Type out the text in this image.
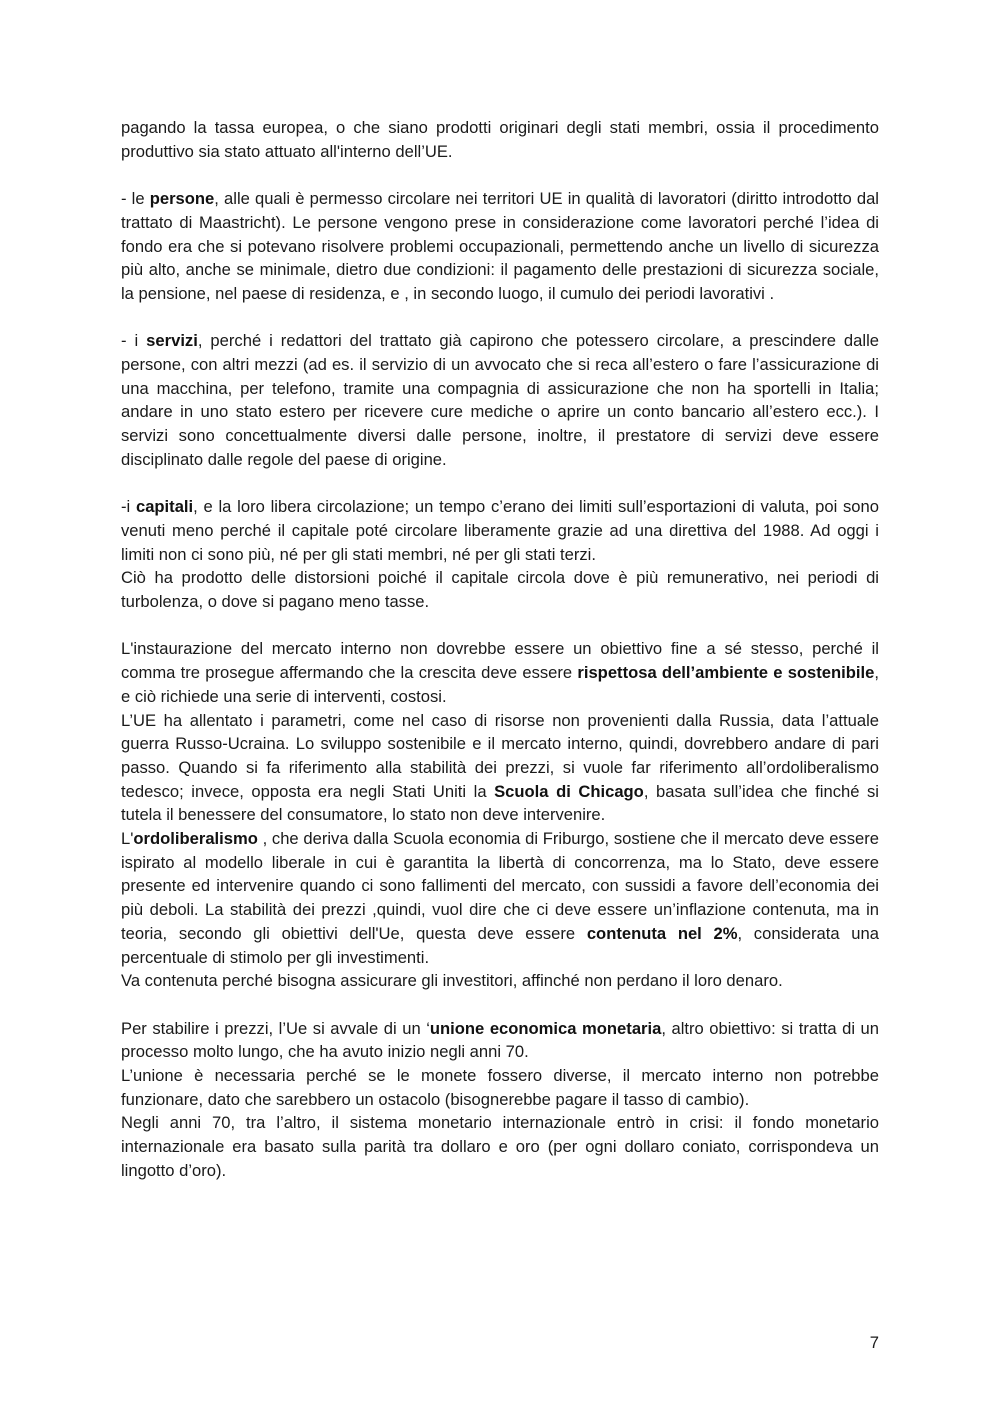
pagando la tassa europea, o che siano prodotti originari degli stati membri, ossia il procedimento produttivo sia stato attuato all'interno dell’UE.

- le persone, alle quali è permesso circolare nei territori UE in qualità di lavoratori (diritto introdotto dal trattato di Maastricht). Le persone vengono prese in considerazione come lavoratori perché l’idea di fondo era che si potevano risolvere problemi occupazionali, permettendo anche un livello di sicurezza più alto, anche se minimale, dietro due condizioni: il pagamento delle prestazioni di sicurezza sociale, la pensione, nel paese di residenza, e , in secondo luogo, il cumulo dei periodi lavorativi .

- i servizi, perché i redattori del trattato già capirono che potessero circolare, a prescindere dalle persone, con altri mezzi (ad es. il servizio di un avvocato che si reca all’estero o fare l’assicurazione di una macchina, per telefono, tramite una compagnia di assicurazione che non ha sportelli in Italia; andare in uno stato estero per ricevere cure mediche o aprire un conto bancario all’estero ecc.). I servizi sono concettualmente diversi dalle persone, inoltre, il prestatore di servizi deve essere disciplinato dalle regole del paese di origine.

-i capitali, e la loro libera circolazione; un tempo c’erano dei limiti sull’esportazioni di valuta, poi sono venuti meno perché il capitale poté circolare liberamente grazie ad una direttiva del 1988. Ad oggi i limiti non ci sono più, né per gli stati membri, né per gli stati terzi.

Ciò ha prodotto delle distorsioni poiché il capitale circola dove è più remunerativo, nei periodi di turbolenza, o dove si pagano meno tasse.

L'instaurazione del mercato interno non dovrebbe essere un obiettivo fine a sé stesso, perché il comma tre prosegue affermando che la crescita deve essere rispettosa dell’ambiente e sostenibile, e ciò richiede una serie di interventi, costosi.

L’UE ha allentato i parametri, come nel caso di risorse non provenienti dalla Russia, data l’attuale guerra Russo-Ucraina. Lo sviluppo sostenibile e il mercato interno, quindi, dovrebbero andare di pari passo. Quando si fa riferimento alla stabilità dei prezzi, si vuole far riferimento all’ordoliberalismo tedesco; invece, opposta era negli Stati Uniti la Scuola di Chicago, basata sull’idea che finché si tutela il benessere del consumatore, lo stato non deve intervenire.

L'ordoliberalismo , che deriva dalla Scuola economia di Friburgo, sostiene che il mercato deve essere ispirato al modello liberale in cui è garantita la libertà di concorrenza, ma lo Stato, deve essere presente ed intervenire quando ci sono fallimenti del mercato, con sussidi a favore dell’economia dei più deboli. La stabilità dei prezzi ,quindi, vuol dire che ci deve essere un’inflazione contenuta, ma in teoria, secondo gli obiettivi dell'Ue, questa deve essere contenuta nel 2%, considerata una percentuale di stimolo per gli investimenti.

Va contenuta perché bisogna assicurare gli investitori, affinché non perdano il loro denaro.

Per stabilire i prezzi, l’Ue si avvale di un ‘unione economica monetaria, altro obiettivo: si tratta di un processo molto lungo, che ha avuto inizio negli anni 70.

L’unione è necessaria perché se le monete fossero diverse, il mercato interno non potrebbe funzionare, dato che sarebbero un ostacolo (bisognerebbe pagare il tasso di cambio).

Negli anni 70, tra l’altro, il sistema monetario internazionale entrò in crisi: il fondo monetario internazionale era basato sulla parità tra dollaro e oro (per ogni dollaro coniato, corrispondeva un lingotto d’oro).

7
